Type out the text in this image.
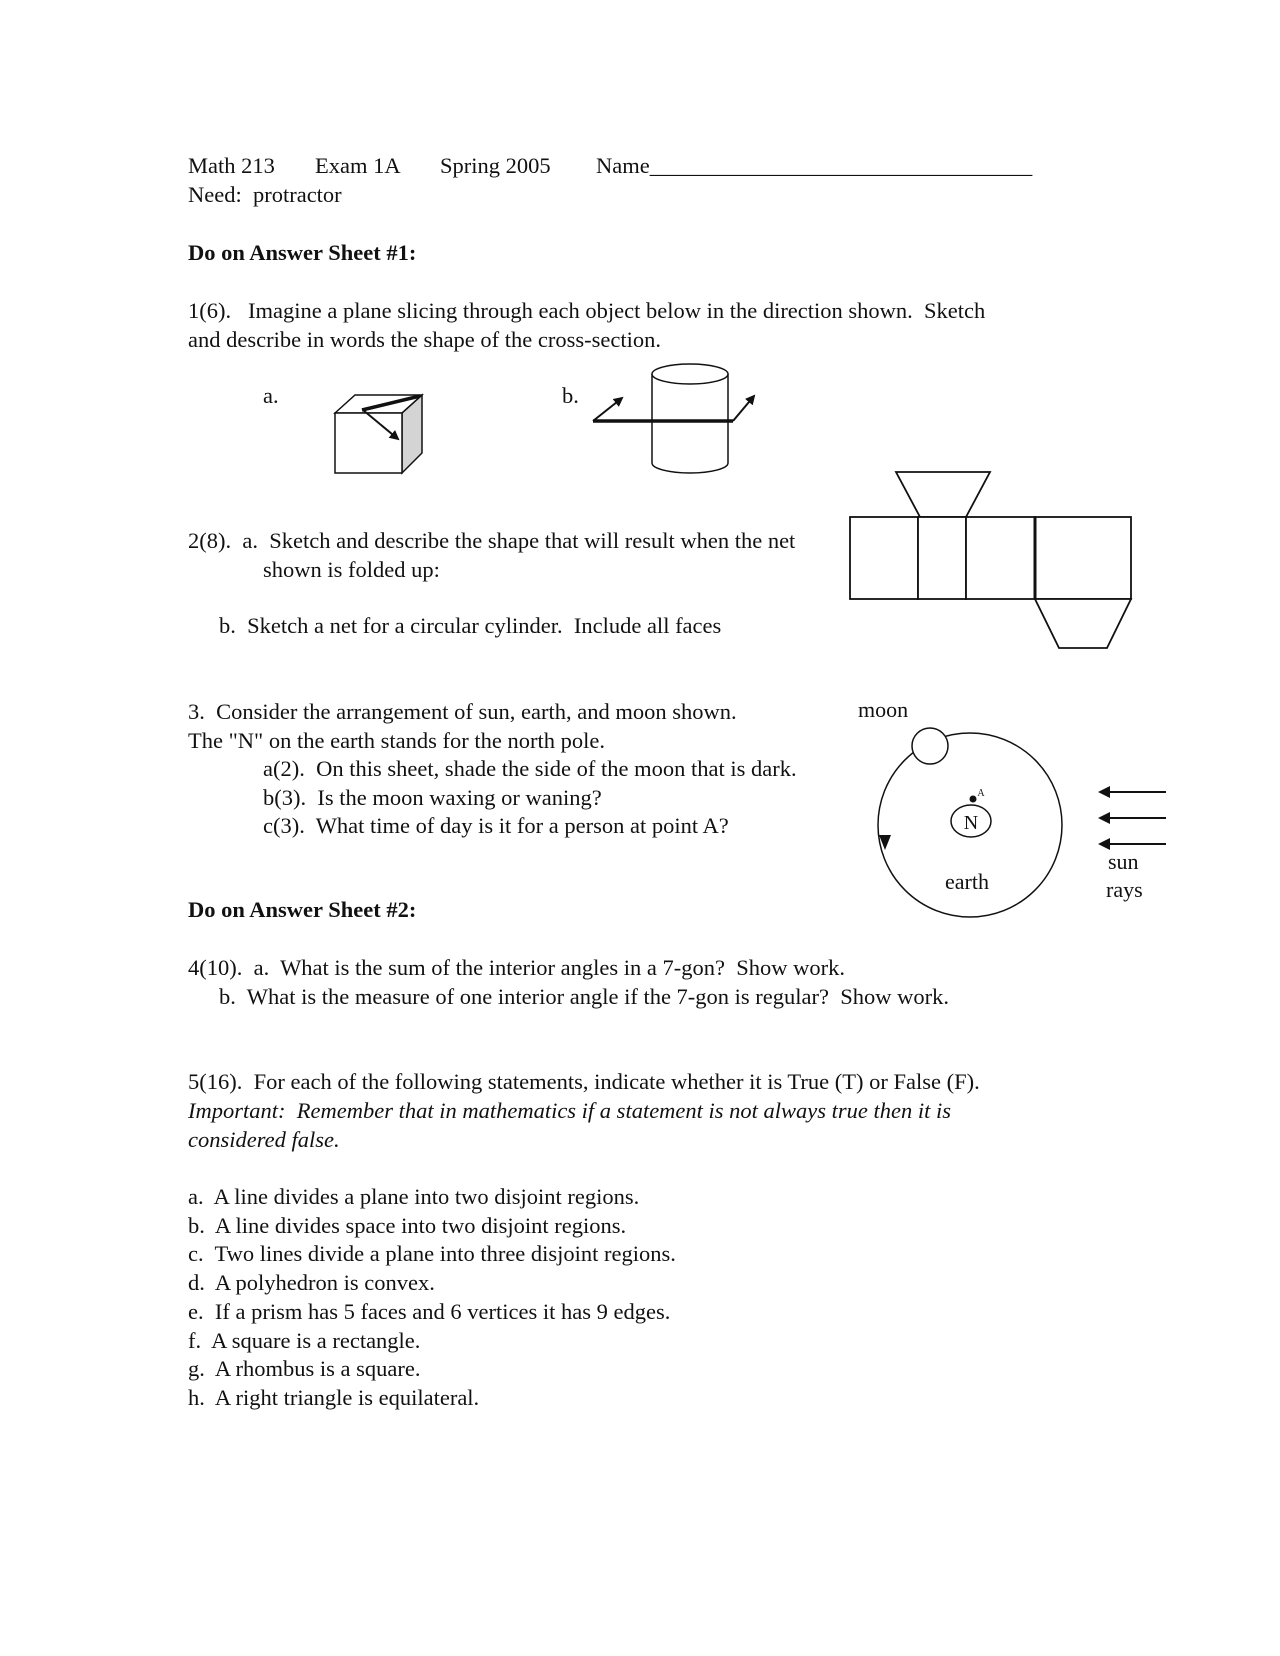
Math 213 Exam 1A Spring 2005 Name__________________________________
Need:  protractor
Do on Answer Sheet #1:
1(6).   Imagine a plane slicing through each object below in the direction shown.  Sketch
and describe in words the shape of the cross-section.
a.	b.
2(8).  a.  Sketch and describe the shape that will result when the net
shown is folded up:
b.  Sketch a net for a circular cylinder.  Include all faces
3.  Consider the arrangement of sun, earth, and moon shown.
The "N" on the earth stands for the north pole.
a(2).  On this sheet, shade the side of the moon that is dark.
b(3).  Is the moon waxing or waning?
c(3).  What time of day is it for a person at point A?	N
A
moon
earth
sun
rays
Do on Answer Sheet #2:
4(10).  a.  What is the sum of the interior angles in a 7-gon?  Show work.
b.  What is the measure of one interior angle if the 7-gon is regular?  Show work.
5(16).  For each of the following statements, indicate whether it is True (T) or False (F).
Important:  Remember that in mathematics if a statement is not always true then it is
considered false.
a.  A line divides a plane into two disjoint regions.
b.  A line divides space into two disjoint regions.
c.  Two lines divide a plane into three disjoint regions.
d.  A polyhedron is convex.
e.  If a prism has 5 faces and 6 vertices it has 9 edges.
f.  A square is a rectangle.
g.  A rhombus is a square.
h.  A right triangle is equilateral.
